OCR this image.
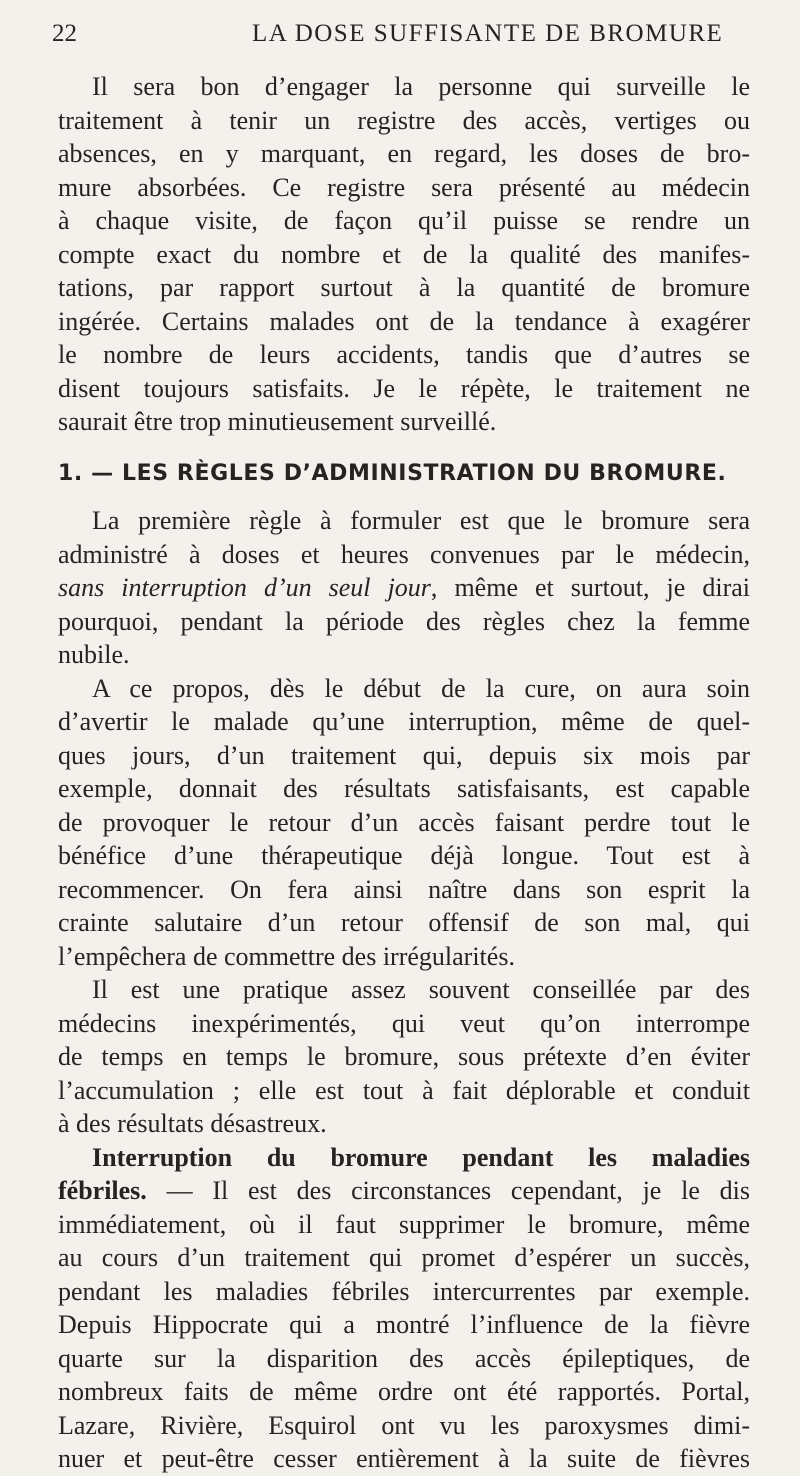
22	LA DOSE SUFFISANTE DE BROMURE
Il sera bon d’engager la personne qui surveille le
traitement à tenir un registre des accès, vertiges ou
absences, en y marquant, en regard, les doses de bro-
mure absorbées. Ce registre sera présenté au médecin
à chaque visite, de façon qu’il puisse se rendre un
compte exact du nombre et de la qualité des manifes-
tations, par rapport surtout à la quantité de bromure
ingérée. Certains malades ont de la tendance à exagérer
le nombre de leurs accidents, tandis que d’autres se
disent toujours satisfaits. Je le répète, le traitement ne
saurait être trop minutieusement surveillé.
1. — LES RÈGLES D’ADMINISTRATION DU BROMURE.
La première règle à formuler est que le bromure sera
administré à doses et heures convenues par le médecin,
sans interruption d’un seul jour, même et surtout, je dirai
pourquoi, pendant la période des règles chez la femme
nubile.
A ce propos, dès le début de la cure, on aura soin
d’avertir le malade qu’une interruption, même de quel-
ques jours, d’un traitement qui, depuis six mois par
exemple, donnait des résultats satisfaisants, est capable
de provoquer le retour d’un accès faisant perdre tout le
bénéfice d’une thérapeutique déjà longue. Tout est à
recommencer. On fera ainsi naître dans son esprit la
crainte salutaire d’un retour offensif de son mal, qui
l’empêchera de commettre des irrégularités.
Il est une pratique assez souvent conseillée par des
médecins inexpérimentés, qui veut qu’on interrompe
de temps en temps le bromure, sous prétexte d’en éviter
l’accumulation ; elle est tout à fait déplorable et conduit
à des résultats désastreux.
Interruption du bromure pendant les maladies
fébriles. — Il est des circonstances cependant, je le dis
immédiatement, où il faut supprimer le bromure, même
au cours d’un traitement qui promet d’espérer un succès,
pendant les maladies fébriles intercurrentes par exemple.
Depuis Hippocrate qui a montré l’influence de la fièvre
quarte sur la disparition des accès épileptiques, de
nombreux faits de même ordre ont été rapportés. Portal,
Lazare, Rivière, Esquirol ont vu les paroxysmes dimi-
nuer et peut-être cesser entièrement à la suite de fièvres
